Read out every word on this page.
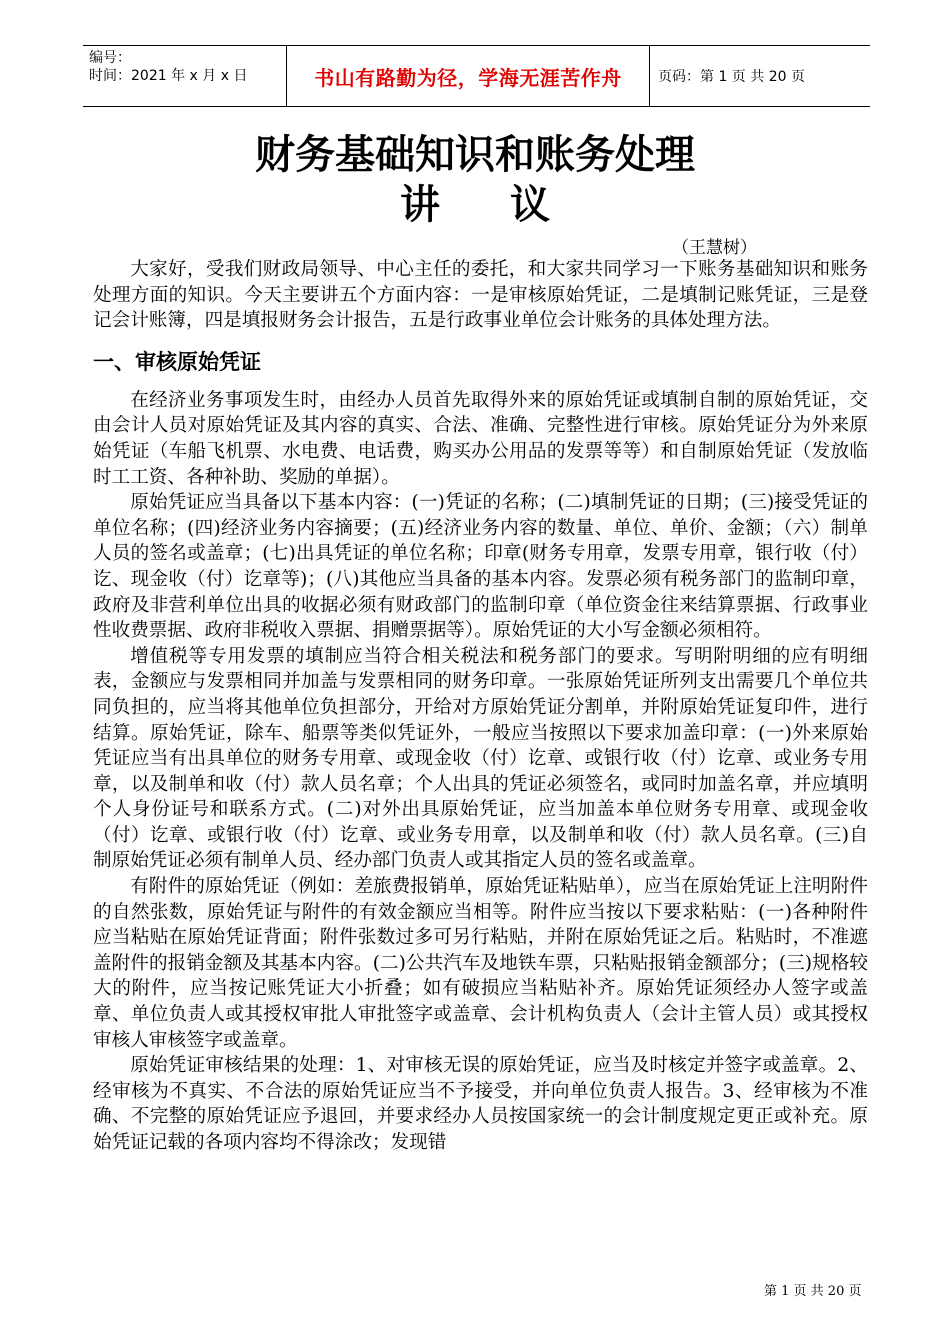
编号：
时间：2021 年 x 月 x 日	书山有路勤为径，学海无涯苦作舟	页码：第 1 页 共 20 页
财务基础知识和账务处理
讲议
（王慧树）

大家好，受我们财政局领导、中心主任的委托，和大家共同学习一下账务基础知识和账务处理方面的知识。今天主要讲五个方面内容：一是审核原始凭证，二是填制记账凭证，三是登记会计账簿，四是填报财务会计报告，五是行政事业单位会计账务的具体处理方法。

一、审核原始凭证

在经济业务事项发生时，由经办人员首先取得外来的原始凭证或填制自制的原始凭证，交由会计人员对原始凭证及其内容的真实、合法、准确、完整性进行审核。原始凭证分为外来原始凭证（车船飞机票、水电费、电话费，购买办公用品的发票等等）和自制原始凭证（发放临时工工资、各种补助、奖励的单据）。

原始凭证应当具备以下基本内容：(一)凭证的名称；(二)填制凭证的日期；(三)接受凭证的单位名称；(四)经济业务内容摘要；(五)经济业务内容的数量、单位、单价、金额；（六）制单人员的签名或盖章；(七)出具凭证的单位名称；印章(财务专用章，发票专用章，银行收（付）讫、现金收（付）讫章等)；(八)其他应当具备的基本内容。发票必须有税务部门的监制印章，政府及非营利单位出具的收据必须有财政部门的监制印章（单位资金往来结算票据、行政事业性收费票据、政府非税收入票据、捐赠票据等）。原始凭证的大小写金额必须相符。

增值税等专用发票的填制应当符合相关税法和税务部门的要求。写明附明细的应有明细表，金额应与发票相同并加盖与发票相同的财务印章。一张原始凭证所列支出需要几个单位共同负担的，应当将其他单位负担部分，开给对方原始凭证分割单，并附原始凭证复印件，进行结算。原始凭证，除车、船票等类似凭证外，一般应当按照以下要求加盖印章：(一)外来原始凭证应当有出具单位的财务专用章、或现金收（付）讫章、或银行收（付）讫章、或业务专用章，以及制单和收（付）款人员名章；个人出具的凭证必须签名，或同时加盖名章，并应填明个人身份证号和联系方式。(二)对外出具原始凭证，应当加盖本单位财务专用章、或现金收（付）讫章、或银行收（付）讫章、或业务专用章，以及制单和收（付）款人员名章。(三)自制原始凭证必须有制单人员、经办部门负责人或其指定人员的签名或盖章。

有附件的原始凭证（例如：差旅费报销单，原始凭证粘贴单），应当在原始凭证上注明附件的自然张数，原始凭证与附件的有效金额应当相等。附件应当按以下要求粘贴：(一)各种附件应当粘贴在原始凭证背面；附件张数过多可另行粘贴，并附在原始凭证之后。粘贴时，不准遮盖附件的报销金额及其基本内容。(二)公共汽车及地铁车票，只粘贴报销金额部分；(三)规格较大的附件，应当按记账凭证大小折叠；如有破损应当粘贴补齐。原始凭证须经办人签字或盖章、单位负责人或其授权审批人审批签字或盖章、会计机构负责人（会计主管人员）或其授权审核人审核签字或盖章。

原始凭证审核结果的处理：1、对审核无误的原始凭证，应当及时核定并签字或盖章。2、经审核为不真实、不合法的原始凭证应当不予接受，并向单位负责人报告。3、经审核为不准确、不完整的原始凭证应予退回，并要求经办人员按国家统一的会计制度规定更正或补充。原始凭证记载的各项内容均不得涂改；发现错

第 1 页 共 20 页
